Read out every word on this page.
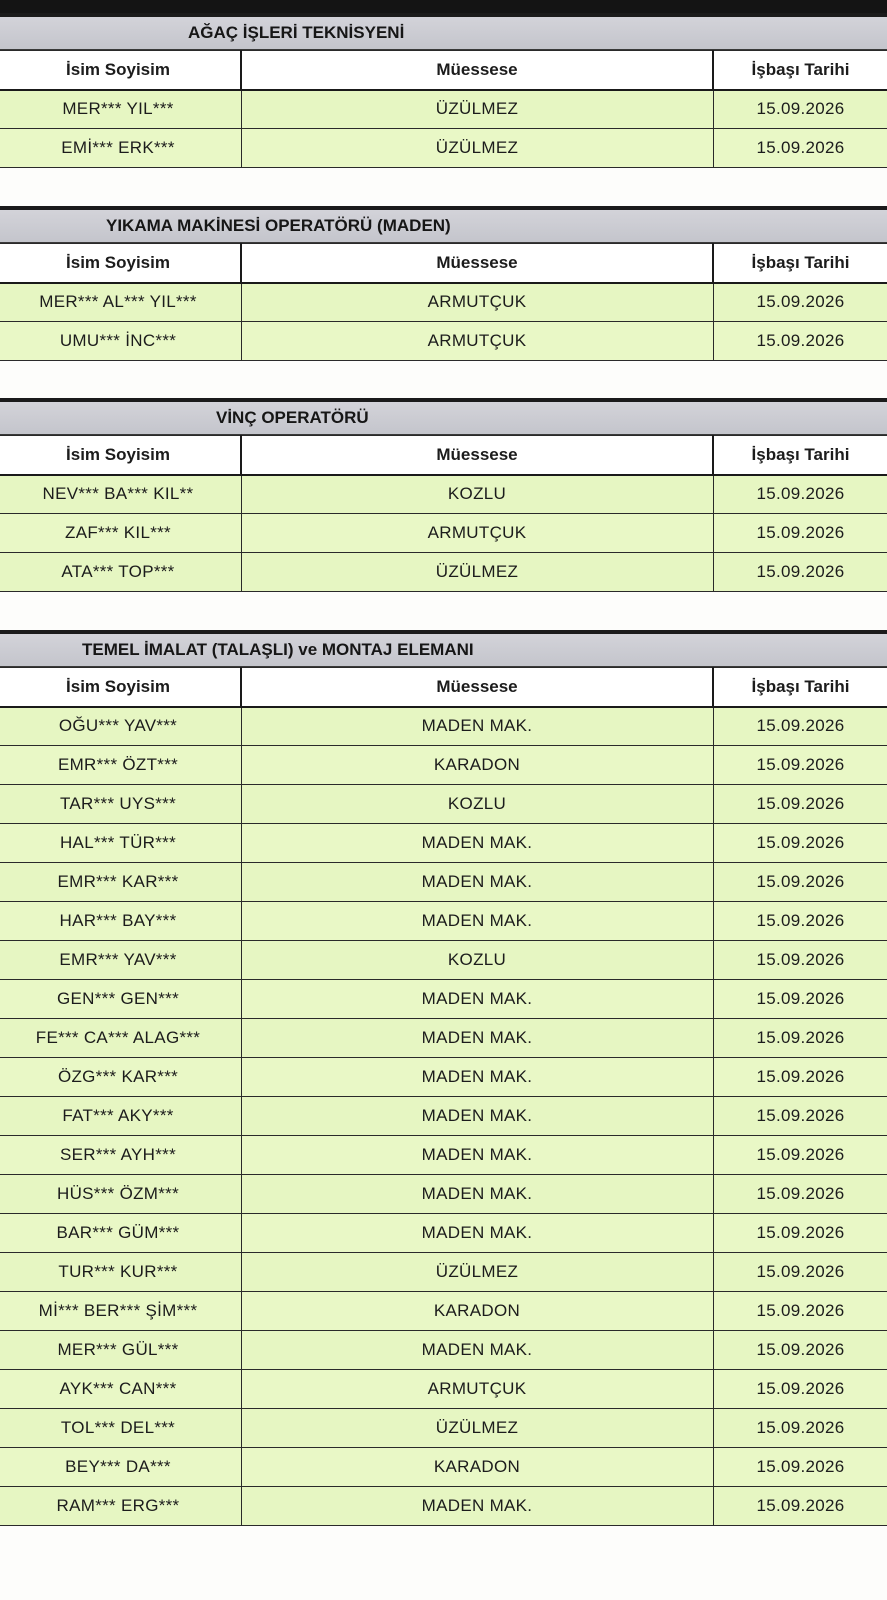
AĞAÇ İŞLERİ TEKNİSYENİ
İsim Soyisim	Müessese	İşbaşı Tarihi
MER*** YIL***	ÜZÜLMEZ	15.09.2026
EMİ*** ERK***	ÜZÜLMEZ	15.09.2026
YIKAMA MAKİNESİ OPERATÖRÜ (MADEN)
İsim Soyisim	Müessese	İşbaşı Tarihi
MER*** AL*** YIL***	ARMUTÇUK	15.09.2026
UMU*** İNC***	ARMUTÇUK	15.09.2026
VİNÇ OPERATÖRÜ
İsim Soyisim	Müessese	İşbaşı Tarihi
NEV*** BA*** KIL**	KOZLU	15.09.2026
ZAF*** KIL***	ARMUTÇUK	15.09.2026
ATA*** TOP***	ÜZÜLMEZ	15.09.2026
TEMEL İMALAT (TALAŞLI) ve MONTAJ ELEMANI
İsim Soyisim	Müessese	İşbaşı Tarihi
OĞU*** YAV***	MADEN MAK.	15.09.2026
EMR*** ÖZT***	KARADON	15.09.2026
TAR*** UYS***	KOZLU	15.09.2026
HAL*** TÜR***	MADEN MAK.	15.09.2026
EMR*** KAR***	MADEN MAK.	15.09.2026
HAR*** BAY***	MADEN MAK.	15.09.2026
EMR*** YAV***	KOZLU	15.09.2026
GEN*** GEN***	MADEN MAK.	15.09.2026
FE*** CA*** ALAG***	MADEN MAK.	15.09.2026
ÖZG*** KAR***	MADEN MAK.	15.09.2026
FAT*** AKY***	MADEN MAK.	15.09.2026
SER*** AYH***	MADEN MAK.	15.09.2026
HÜS*** ÖZM***	MADEN MAK.	15.09.2026
BAR*** GÜM***	MADEN MAK.	15.09.2026
TUR*** KUR***	ÜZÜLMEZ	15.09.2026
Mİ*** BER*** ŞİM***	KARADON	15.09.2026
MER*** GÜL***	MADEN MAK.	15.09.2026
AYK*** CAN***	ARMUTÇUK	15.09.2026
TOL*** DEL***	ÜZÜLMEZ	15.09.2026
BEY*** DA***	KARADON	15.09.2026
RAM*** ERG***	MADEN MAK.	15.09.2026
